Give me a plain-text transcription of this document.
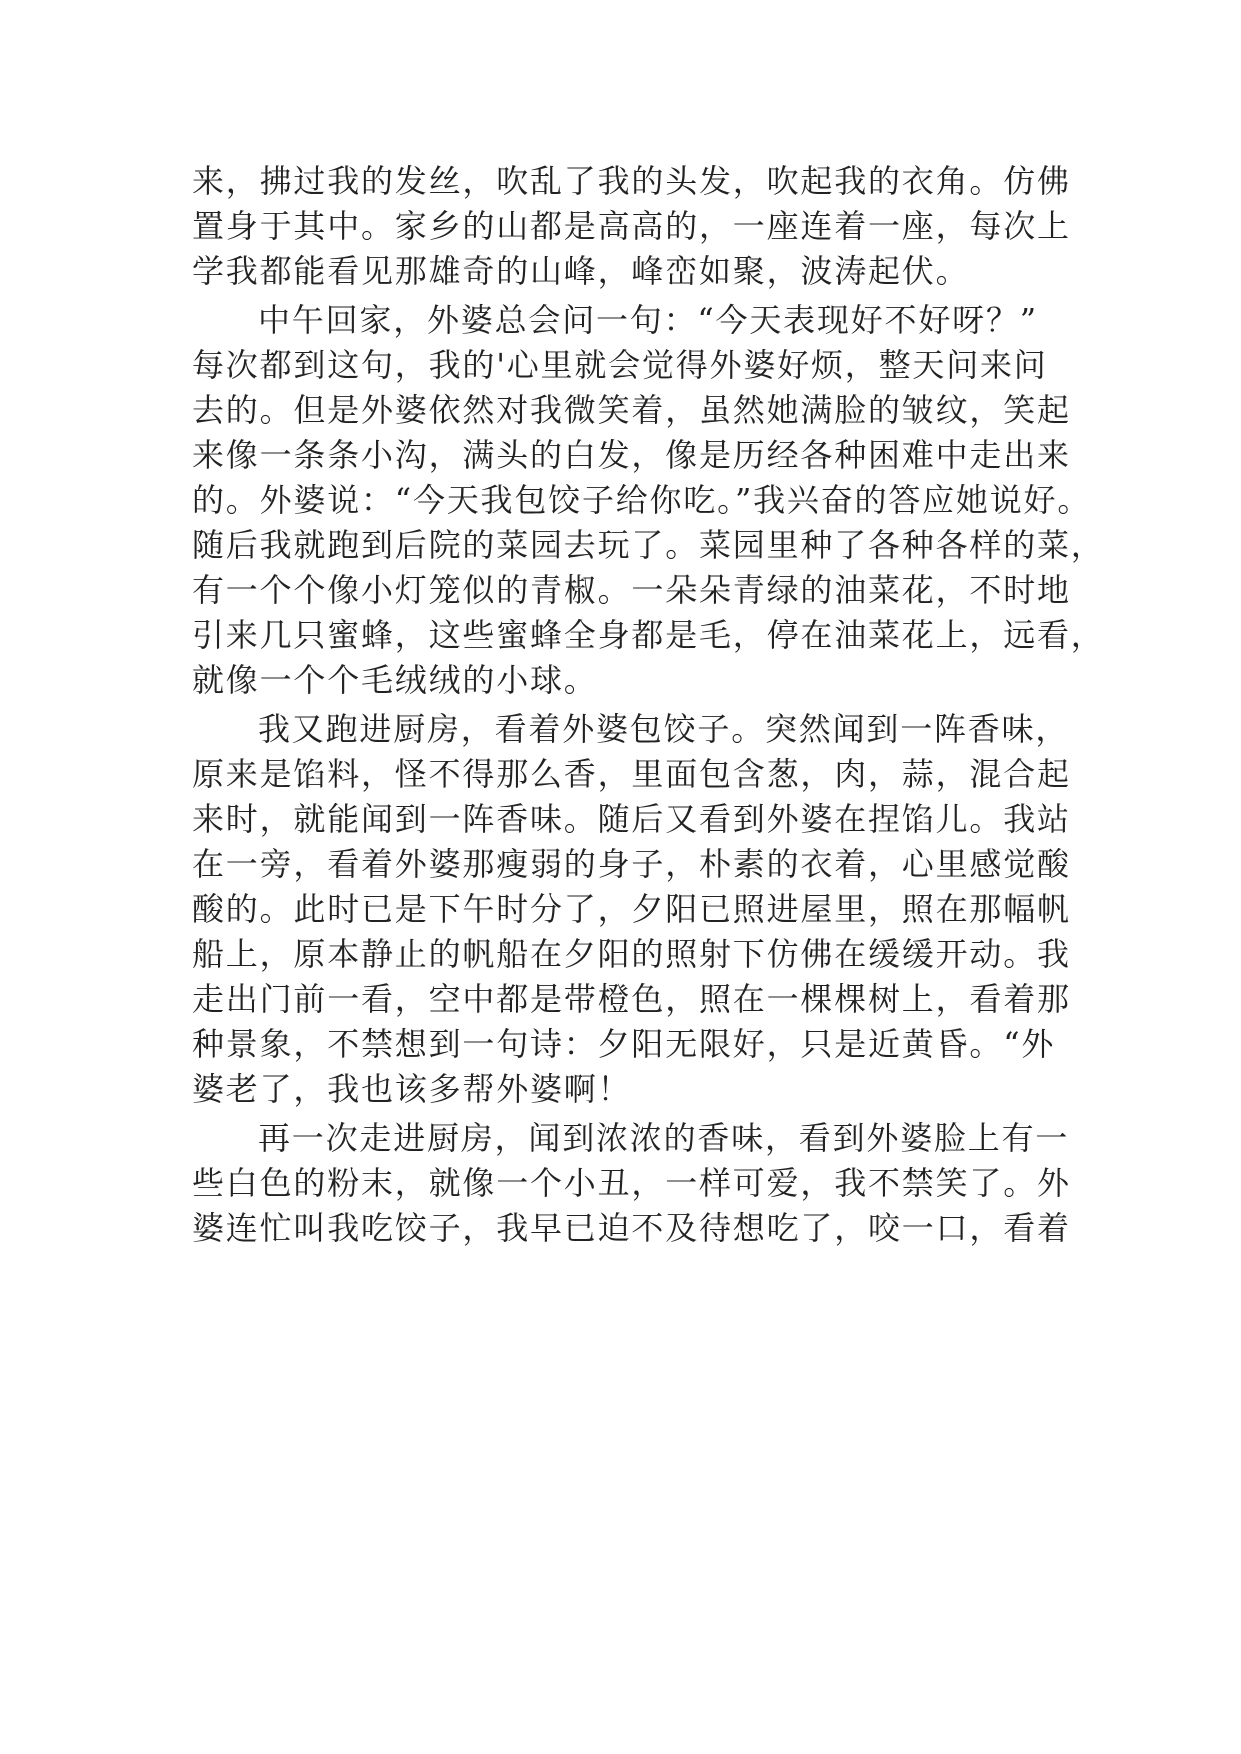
来，拂过我的发丝，吹乱了我的头发，吹起我的衣角。仿佛
置身于其中。家乡的山都是高高的，一座连着一座，每次上
学我都能看见那雄奇的山峰，峰峦如聚，波涛起伏。
中午回家，外婆总会问一句：“今天表现好不好呀？”
每次都到这句，我的'心里就会觉得外婆好烦，整天问来问
去的。但是外婆依然对我微笑着，虽然她满脸的皱纹，笑起
来像一条条小沟，满头的白发，像是历经各种困难中走出来
的。外婆说：“今天我包饺子给你吃。”我兴奋的答应她说好。
随后我就跑到后院的菜园去玩了。菜园里种了各种各样的菜，
有一个个像小灯笼似的青椒。一朵朵青绿的油菜花，不时地
引来几只蜜蜂，这些蜜蜂全身都是毛，停在油菜花上，远看，
就像一个个毛绒绒的小球。
我又跑进厨房，看着外婆包饺子。突然闻到一阵香味，
原来是馅料，怪不得那么香，里面包含葱，肉，蒜，混合起
来时，就能闻到一阵香味。随后又看到外婆在捏馅儿。我站
在一旁，看着外婆那瘦弱的身子，朴素的衣着，心里感觉酸
酸的。此时已是下午时分了，夕阳已照进屋里，照在那幅帆
船上，原本静止的帆船在夕阳的照射下仿佛在缓缓开动。我
走出门前一看，空中都是带橙色，照在一棵棵树上，看着那
种景象，不禁想到一句诗：夕阳无限好，只是近黄昏。“外
婆老了，我也该多帮外婆啊！
再一次走进厨房，闻到浓浓的香味，看到外婆脸上有一
些白色的粉末，就像一个小丑，一样可爱，我不禁笑了。外
婆连忙叫我吃饺子，我早已迫不及待想吃了，咬一口，看着
